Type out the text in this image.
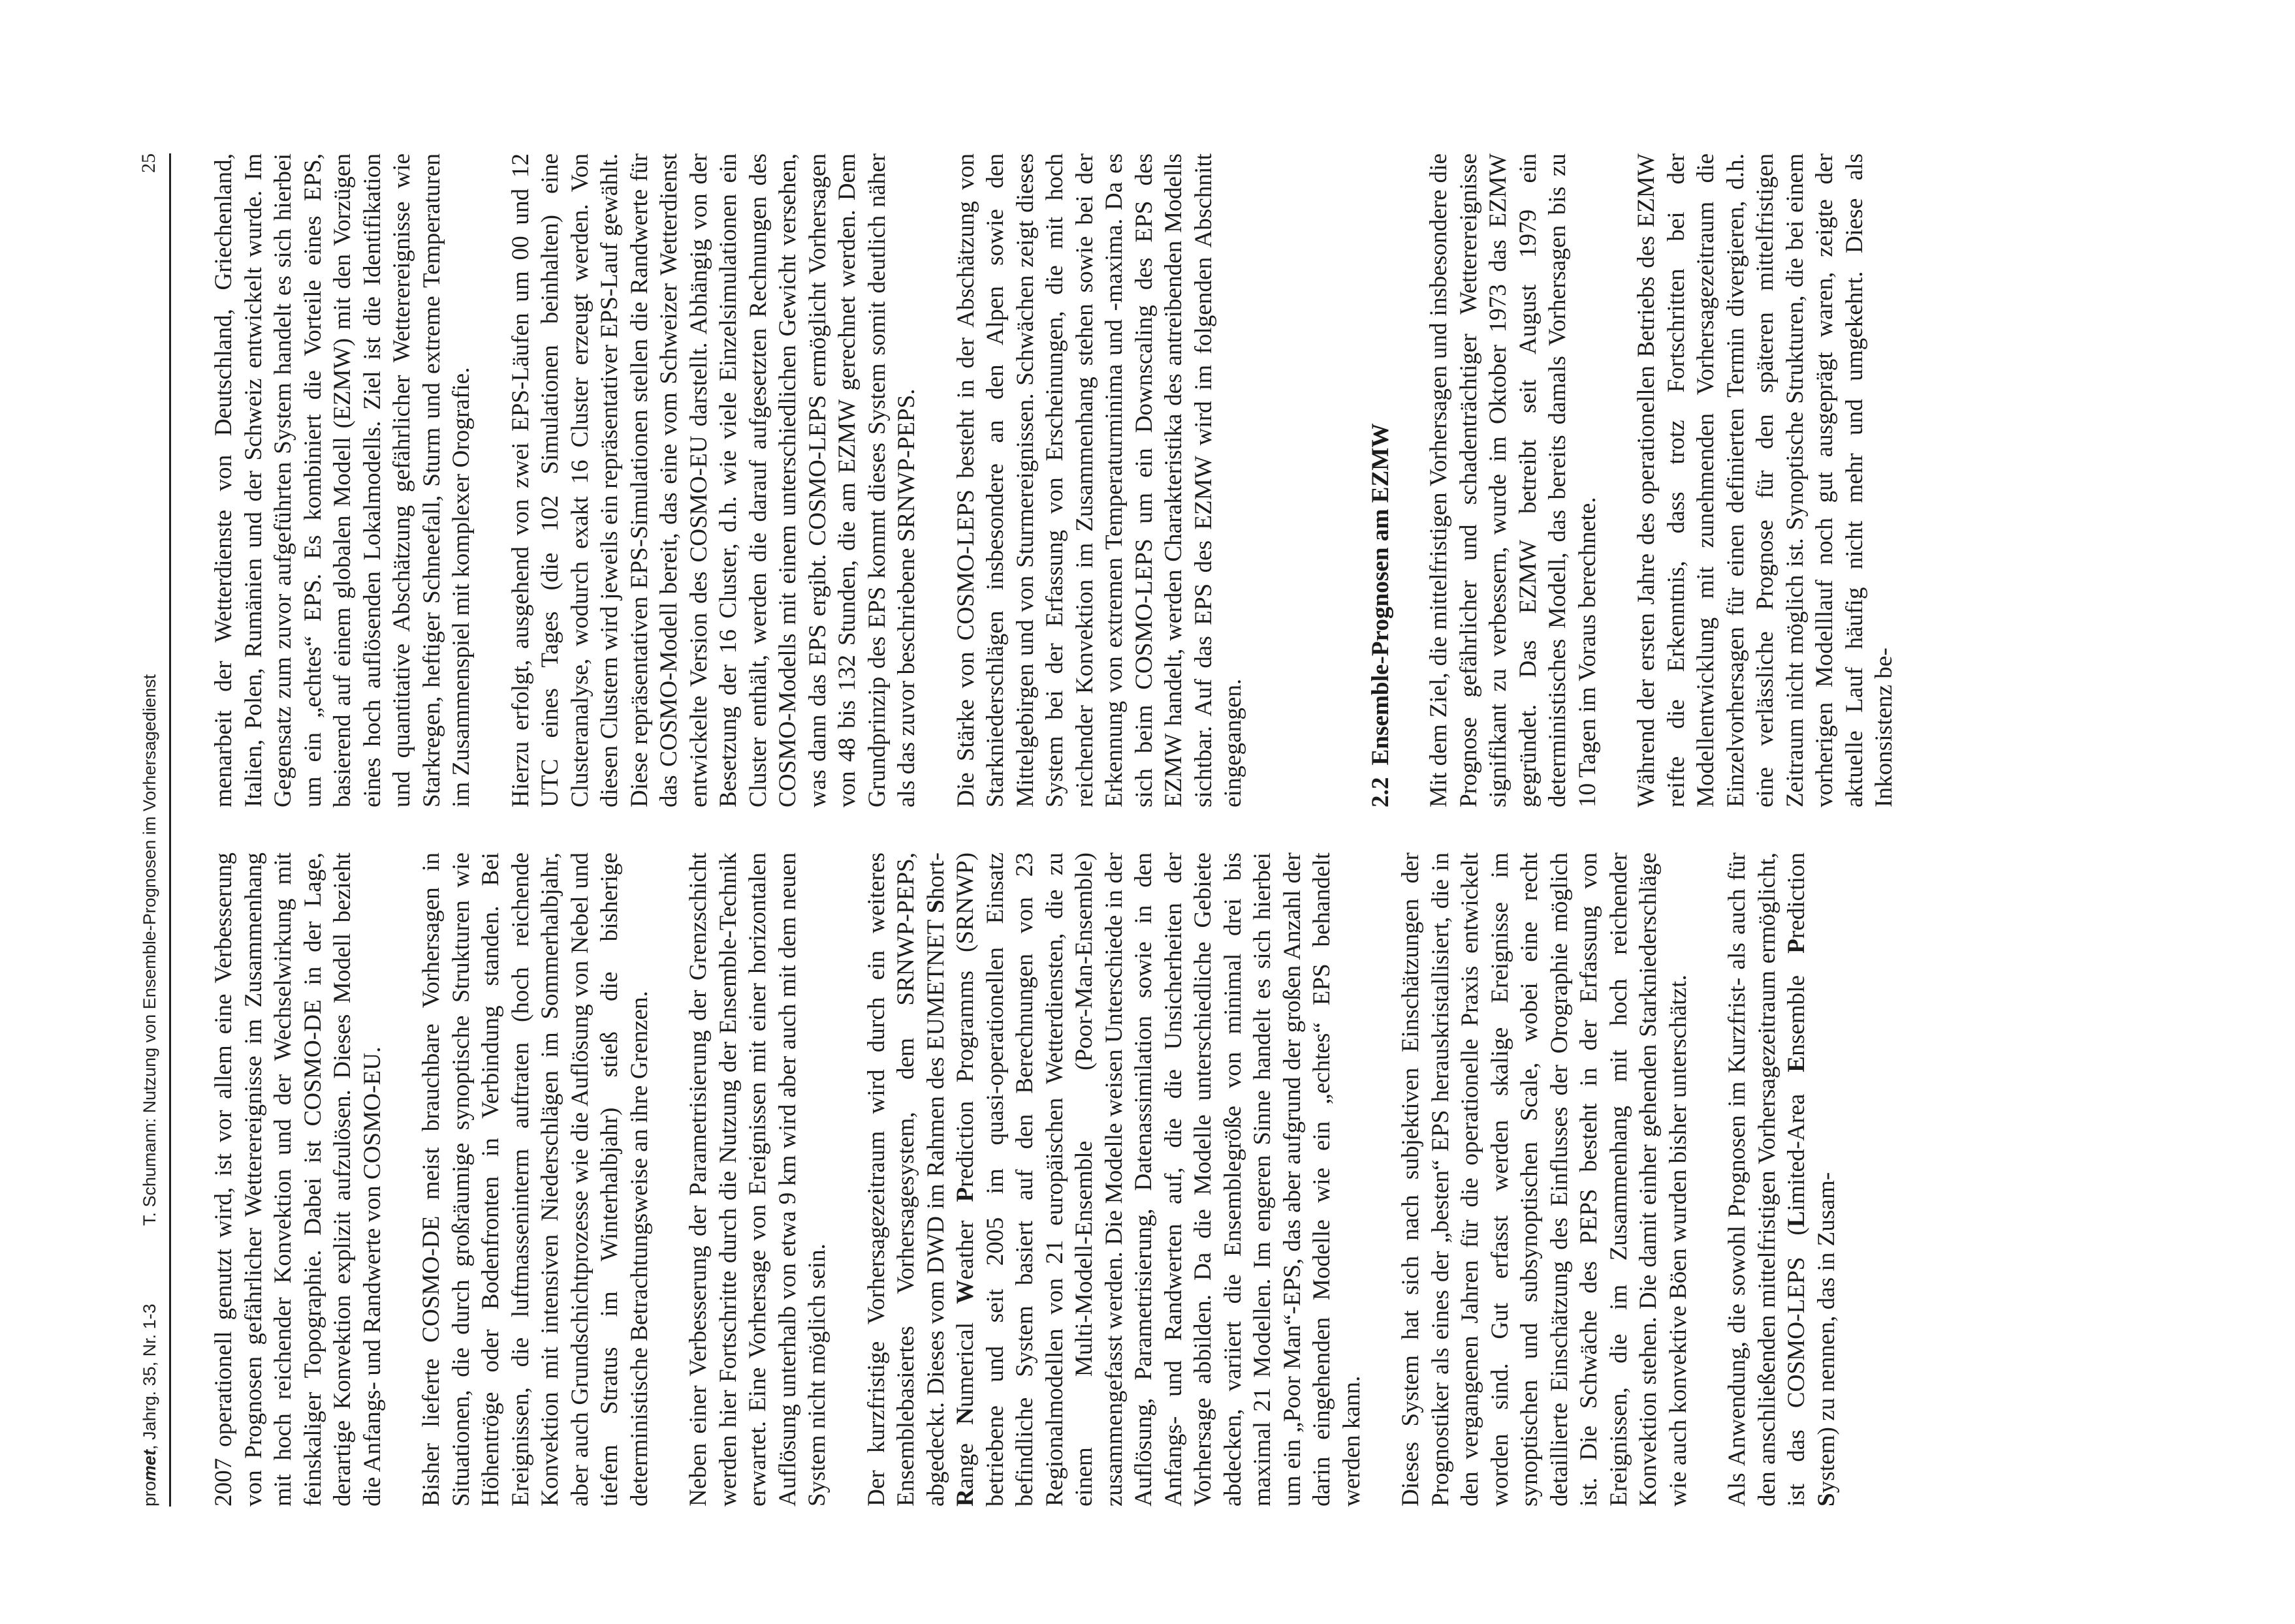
promet, Jahrg. 35, Nr. 1-3
T. Schumann: Nutzung von Ensemble-Prognosen im Vorhersagedienst
25

2007 operationell genutzt wird, ist vor allem eine Verbesserung von Prognosen gefährlicher Wetterereignisse im Zusammenhang mit hoch reichender Konvektion und der Wechselwirkung mit feinskaliger Topographie. Dabei ist COSMO-DE in der Lage, derartige Konvektion explizit aufzulösen. Dieses Modell bezieht die Anfangs- und Randwerte von COSMO-EU. Bisher lieferte COSMO-DE meist brauchbare Vorhersagen in Situationen, die durch großräumige synoptische Strukturen wie Höhentröge oder Bodenfronten in Verbindung standen. Bei Ereignissen, die luftmasseninterm auftraten (hoch reichende Konvektion mit intensiven Niederschlägen im Sommerhalbjahr, aber auch Grundschichtprozesse wie die Auflösung von Nebel und tiefem Stratus im Winterhalbjahr) stieß die bisherige deterministische Betrachtungsweise an ihre Grenzen. Neben einer Verbesserung der Parametrisierung der Grenzschicht werden hier Fortschritte durch die Nutzung der Ensemble-Technik erwartet. Eine Vorhersage von Ereignissen mit einer horizontalen Auflösung unterhalb von etwa 9 km wird aber auch mit dem neuen System nicht möglich sein. Der kurzfristige Vorhersagezeitraum wird durch ein weiteres Ensemblebasiertes Vorhersagesystem, dem SRNWP-PEPS, abgedeckt. Dieses vom DWD im Rahmen des EUMETNET Short-Range Numerical Weather Prediction Programms (SRNWP) betriebene und seit 2005 im quasi-operationellen Einsatz befindliche System basiert auf den Berechnungen von 23 Regionalmodellen von 21 europäischen Wetterdiensten, die zu einem Multi-Modell-Ensemble (Poor-Man-Ensemble) zusammengefasst werden. Die Modelle weisen Unterschiede in der Auflösung, Parametrisierung, Datenassimilation sowie in den Anfangs- und Randwerten auf, die die Unsicherheiten der Vorhersage abbilden. Da die Modelle unterschiedliche Gebiete abdecken, variiert die Ensemblegröße von minimal drei bis maximal 21 Modellen. Im engeren Sinne handelt es sich hierbei um ein „Poor Man“-EPS, das aber aufgrund der großen Anzahl der darin eingehenden Modelle wie ein „echtes“ EPS behandelt werden kann. Dieses System hat sich nach subjektiven Einschätzungen der Prognostiker als eines der „besten“ EPS herauskristallisiert, die in den vergangenen Jahren für die operationelle Praxis entwickelt worden sind. Gut erfasst werden skalige Ereignisse im synoptischen und subsynoptischen Scale, wobei eine recht detaillierte Einschätzung des Einflusses der Orographie möglich ist. Die Schwäche des PEPS besteht in der Erfassung von Ereignissen, die im Zusammenhang mit hoch reichender Konvektion stehen. Die damit einher gehenden Starkniederschläge wie auch konvektive Böen wurden bisher unterschätzt. Als Anwendung, die sowohl Prognosen im Kurzfrist- als auch für den anschließenden mittelfristigen Vorhersagezeitraum ermöglicht, ist das COSMO-LEPS (Limited-Area Ensemble Prediction System) zu nennen, das in Zusam-

menarbeit der Wetterdienste von Deutschland, Griechenland, Italien, Polen, Rumänien und der Schweiz entwickelt wurde. Im Gegensatz zum zuvor aufgeführten System handelt es sich hierbei um ein „echtes“ EPS. Es kombiniert die Vorteile eines EPS, basierend auf einem globalen Modell (EZMW) mit den Vorzügen eines hoch auflösenden Lokalmodells. Ziel ist die Identifikation und quantitative Abschätzung gefährlicher Wetterereignisse wie Starkregen, heftiger Schneefall, Sturm und extreme Temperaturen im Zusammenspiel mit komplexer Orografie. Hierzu erfolgt, ausgehend von zwei EPS-Läufen um 00 und 12 UTC eines Tages (die 102 Simulationen beinhalten) eine Clusteranalyse, wodurch exakt 16 Cluster erzeugt werden. Von diesen Clustern wird jeweils ein repräsentativer EPS-Lauf gewählt. Diese repräsentativen EPS-Simulationen stellen die Randwerte für das COSMO-Modell bereit, das eine vom Schweizer Wetterdienst entwickelte Version des COSMO-EU darstellt. Abhängig von der Besetzung der 16 Cluster, d.h. wie viele Einzelsimulationen ein Cluster enthält, werden die darauf aufgesetzten Rechnungen des COSMO-Modells mit einem unterschiedlichen Gewicht versehen, was dann das EPS ergibt. COSMO-LEPS ermöglicht Vorhersagen von 48 bis 132 Stunden, die am EZMW gerechnet werden. Dem Grundprinzip des EPS kommt dieses System somit deutlich näher als das zuvor beschriebene SRNWP-PEPS. Die Stärke von COSMO-LEPS besteht in der Abschätzung von Starkniederschlägen insbesondere an den Alpen sowie den Mittelgebirgen und von Sturmereignissen. Schwächen zeigt dieses System bei der Erfassung von Erscheinungen, die mit hoch reichender Konvektion im Zusammenhang stehen sowie bei der Erkennung von extremen Temperaturminima und -maxima. Da es sich beim COSMO-LEPS um ein Downscaling des EPS des EZMW handelt, werden Charakteristika des antreibenden Modells sichtbar. Auf das EPS des EZMW wird im folgenden Abschnitt eingegangen.	2.2Ensemble-Prognosen am EZMW Mit dem Ziel, die mittelfristigen Vorhersagen und insbesondere die Prognose gefährlicher und schadenträchtiger Wetterereignisse signifikant zu verbessern, wurde im Oktober 1973 das EZMW gegründet. Das EZMW betreibt seit August 1979 ein deterministisches Modell, das bereits damals Vorhersagen bis zu 10 Tagen im Voraus berechnete. Während der ersten Jahre des operationellen Betriebs des EZMW reifte die Erkenntnis, dass trotz Fortschritten bei der Modellentwicklung mit zunehmenden Vorhersagezeitraum die Einzelvorhersagen für einen definierten Termin divergieren, d.h. eine verlässliche Prognose für den späteren mittelfristigen Zeitraum nicht möglich ist. Synoptische Strukturen, die bei einem vorherigen Modelllauf noch gut ausgeprägt waren, zeigte der aktuelle Lauf häufig nicht mehr und umgekehrt. Diese als Inkonsistenz be-
